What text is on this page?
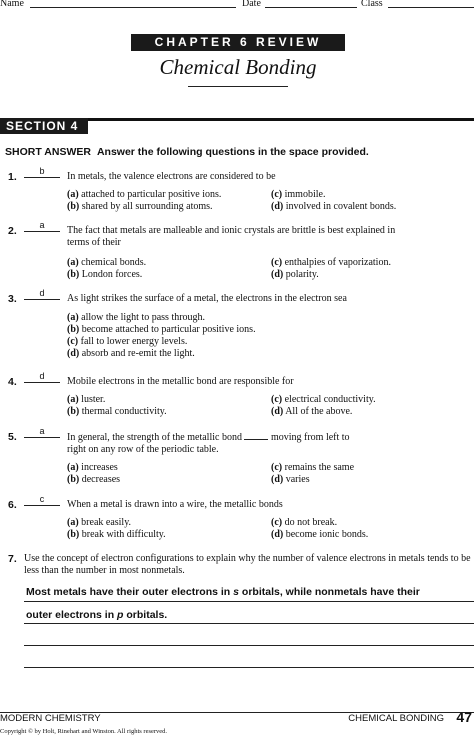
Name	Date	Class
CHAPTER 6 REVIEW
Chemical Bonding
SECTION 4
SHORT ANSWER Answer the following questions in the space provided.
1.	b	In metals, the valence electrons are considered to be
(a) attached to particular positive ions.
(b) shared by all surrounding atoms.
(c) immobile.
(d) involved in covalent bonds.
2.	a	The fact that metals are malleable and ionic crystals are brittle is best explained in terms of their
(a) chemical bonds.
(b) London forces.
(c) enthalpies of vaporization.
(d) polarity.
3.	d	As light strikes the surface of a metal, the electrons in the electron sea
(a) allow the light to pass through.
(b) become attached to particular positive ions.
(c) fall to lower energy levels.
(d) absorb and re-emit the light.
4.	d	Mobile electrons in the metallic bond are responsible for
(a) luster.
(b) thermal conductivity.
(c) electrical conductivity.
(d) All of the above.
5.	a
In general, the strength of the metallic bond	moving from left to
right on any row of the periodic table.
(a) increases
(b) decreases
(c) remains the same
(d) varies
6.	c	When a metal is drawn into a wire, the metallic bonds
(a) break easily.
(b) break with difficulty.
(c) do not break.
(d) become ionic bonds.
7. Use the concept of electron configurations to explain why the number of valence electrons in metals tends to be less than the number in most nonmetals.
Most metals have their outer electrons in s orbitals, while nonmetals have their
outer electrons in p orbitals.
MODERN CHEMISTRY	CHEMICAL BONDING 47
Copyright © by Holt, Rinehart and Winston. All rights reserved.
